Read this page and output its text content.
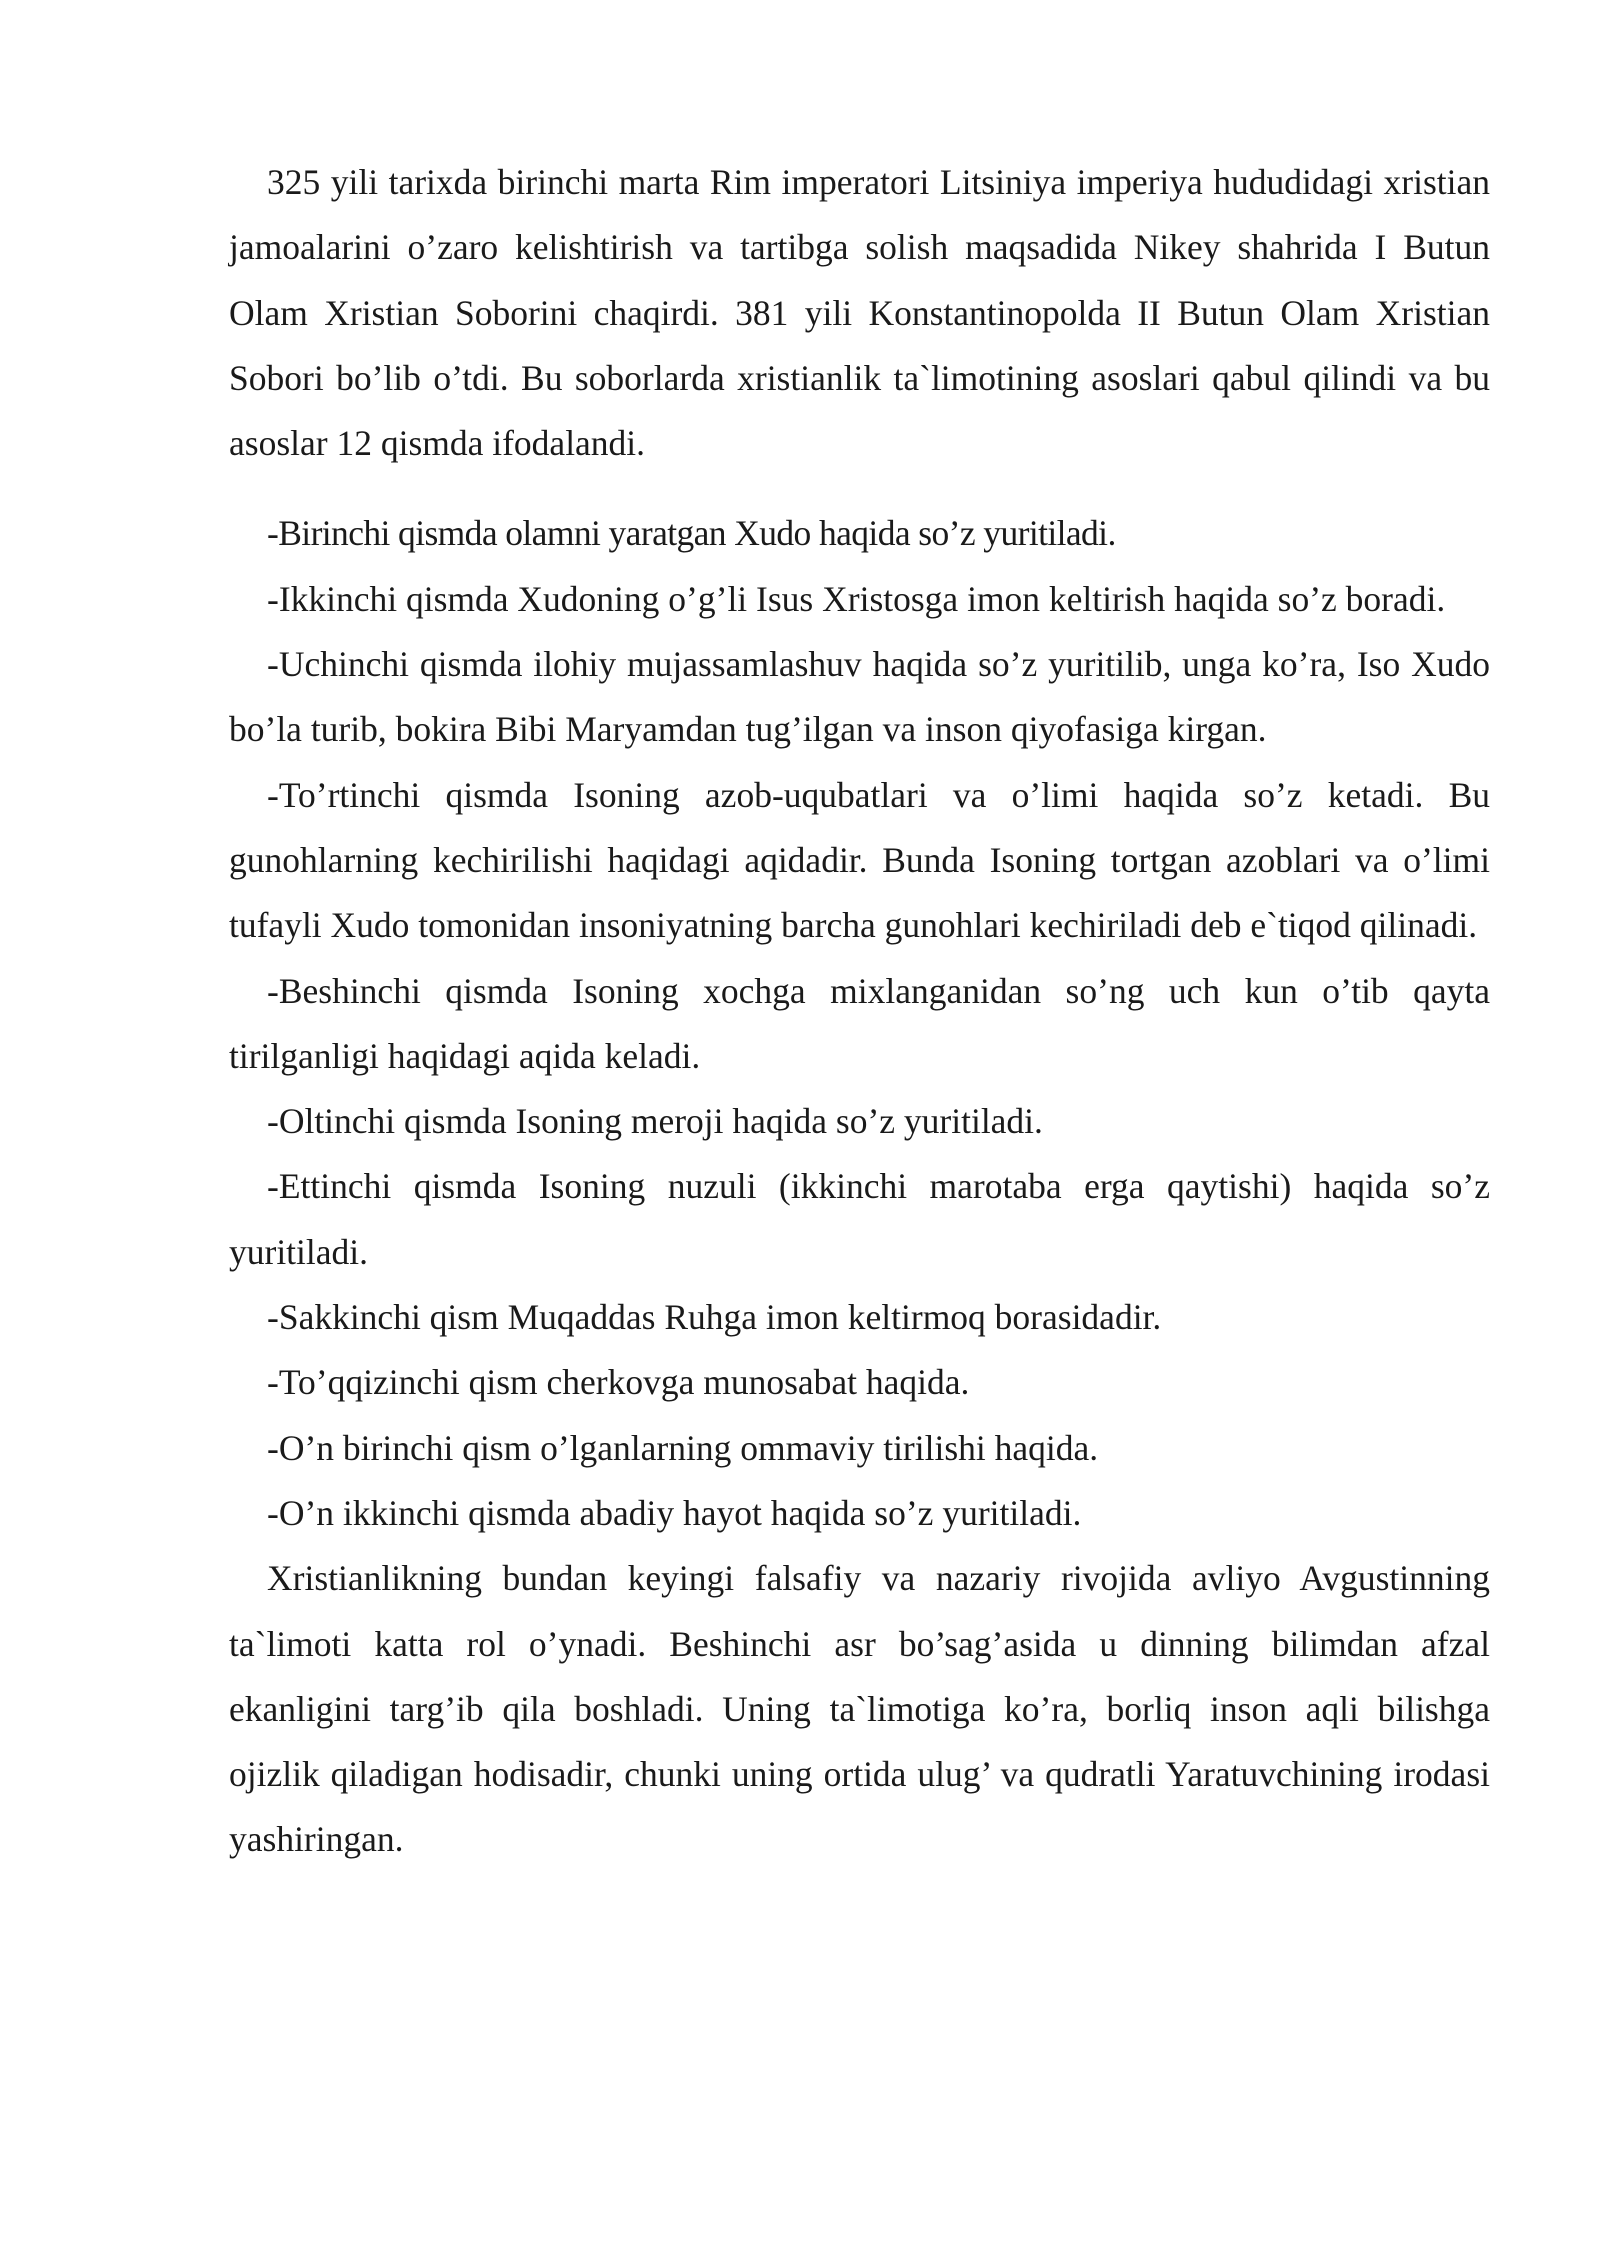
325 yili tarixda birinchi marta Rim imperatori Litsiniya imperiya hududidagi xristian jamoalarini o’zaro kelishtirish va tartibga solish maqsadida Nikey shahrida I Butun Olam Xristian Soborini chaqirdi. 381 yili Konstantinopolda II Butun Olam Xristian Sobori bo’lib o’tdi. Bu soborlarda xristianlik ta`limotining asoslari qabul qilindi va bu asoslar 12 qismda ifodalandi.

-Birinchi qismda olamni yaratgan Xudo haqida so’z yuritiladi.

-Ikkinchi qismda Xudoning o’g’li Isus Xristosga imon keltirish haqida so’z boradi.

-Uchinchi qismda ilohiy mujassamlashuv haqida so’z yuritilib, unga ko’ra, Iso Xudo bo’la turib, bokira Bibi Maryamdan tug’ilgan va inson qiyofasiga kirgan.

-To’rtinchi qismda Isoning azob-uqubatlari va o’limi haqida so’z ketadi. Bu gunohlarning kechirilishi haqidagi aqidadir. Bunda Isoning tortgan azoblari va o’limi tufayli Xudo tomonidan insoniyatning barcha gunohlari kechiriladi deb e`tiqod qilinadi.

-Beshinchi qismda Isoning xochga mixlanganidan so’ng uch kun o’tib qayta tirilganligi haqidagi aqida keladi.

-Oltinchi qismda Isoning meroji haqida so’z yuritiladi.

-Ettinchi qismda Isoning nuzuli (ikkinchi marotaba erga qaytishi) haqida so’z yuritiladi.

-Sakkinchi qism Muqaddas Ruhga imon keltirmoq borasidadir.

-To’qqizinchi qism cherkovga munosabat haqida.

-O’n birinchi qism o’lganlarning ommaviy tirilishi haqida.

-O’n ikkinchi qismda abadiy hayot haqida so’z yuritiladi.

Xristianlikning bundan keyingi falsafiy va nazariy rivojida avliyo Avgustinning ta`limoti katta rol o’ynadi. Beshinchi asr bo’sag’asida u dinning bilimdan afzal ekanligini targ’ib qila boshladi. Uning ta`limotiga ko’ra, borliq inson aqli bilishga ojizlik qiladigan hodisadir, chunki uning ortida ulug’ va qudratli Yaratuvchining irodasi yashiringan.
